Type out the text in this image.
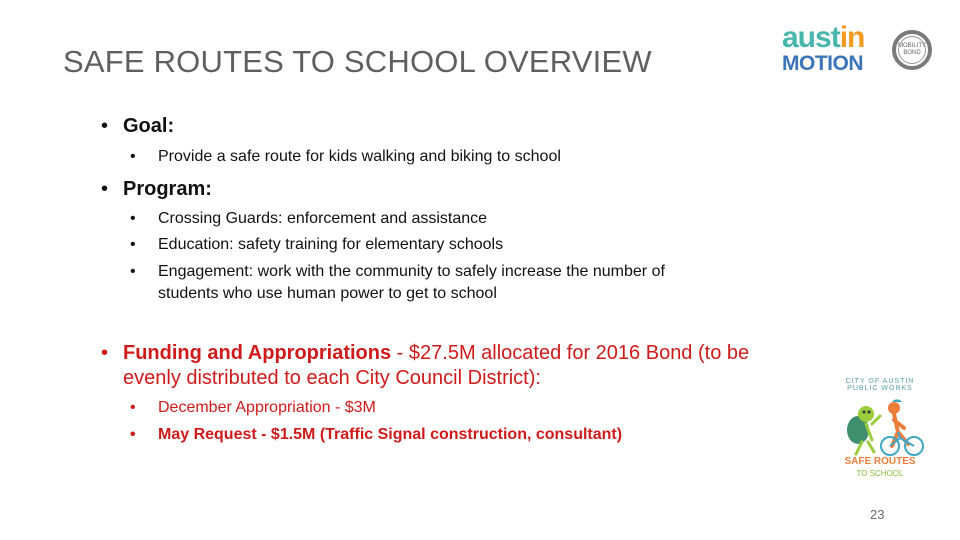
SAFE ROUTES TO SCHOOL OVERVIEW
austin
MOTION
MOBILITY
BOND
• Goal:
• Provide a safe route for kids walking and biking to school
• Program:
• Crossing Guards: enforcement and assistance
• Education: safety training for elementary schools
• Engagement: work with the community to safely increase the number of
students who use human power to get to school
• Funding and Appropriations - $27.5M allocated for 2016 Bond (to be
evenly distributed to each City Council District):
• December Appropriation - $3M
• May Request - $1.5M (Traffic Signal construction, consultant)
CITY OF AUSTIN PUBLIC WORKS
SAFE ROUTES
TO SCHOOL
23
